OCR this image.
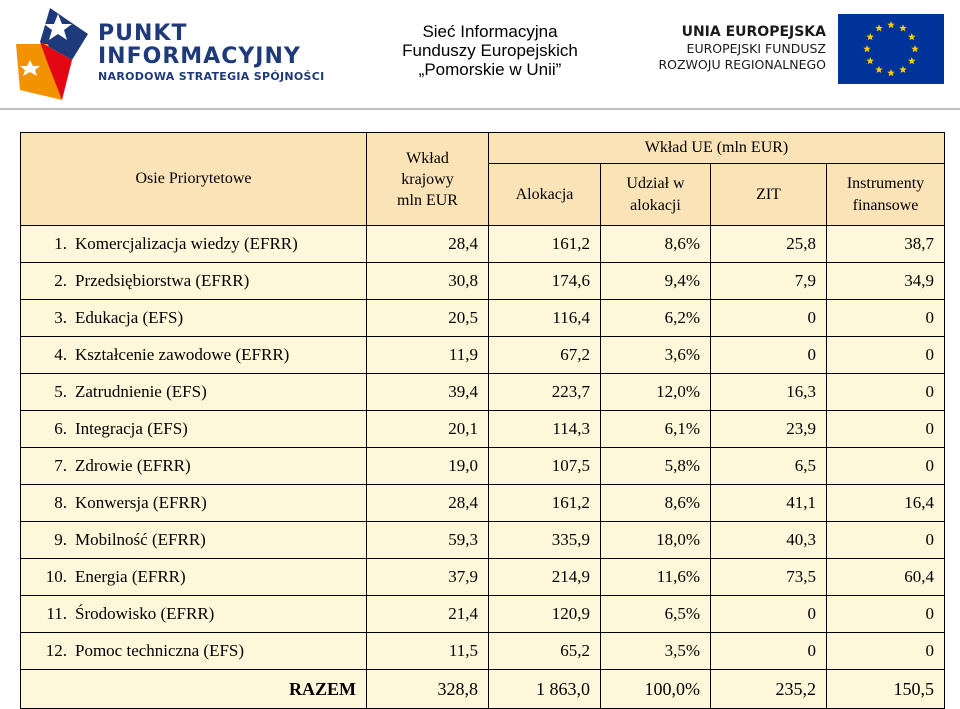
PUNKT
INFORMACYJNY
NARODOWA STRATEGIA SPÓJNOŚCI
Sieć Informacyjna
Funduszy Europejskich
„Pomorskie w Unii”
UNIA EUROPEJSKA
EUROPEJSKI FUNDUSZ
ROZWOJU REGIONALNEGO
Osie Priorytetowe	Wkład krajowy mln EUR	Wkład UE (mln EUR)			
		Alokacja	Udział w alokacji	ZIT	Instrumenty finansowe

1. Komercjalizacja wiedzy (EFRR)	28,4	161,2	8,6%	25,8	38,7
2. Przedsiębiorstwa (EFRR)	30,8	174,6	9,4%	7,9	34,9
3. Edukacja (EFS)	20,5	116,4	6,2%	0	0
4. Kształcenie zawodowe (EFRR)	11,9	67,2	3,6%	0	0
5. Zatrudnienie (EFS)	39,4	223,7	12,0%	16,3	0
6. Integracja (EFS)	20,1	114,3	6,1%	23,9	0
7. Zdrowie (EFRR)	19,0	107,5	5,8%	6,5	0
8. Konwersja (EFRR)	28,4	161,2	8,6%	41,1	16,4
9. Mobilność (EFRR)	59,3	335,9	18,0%	40,3	0
10. Energia (EFRR)	37,9	214,9	11,6%	73,5	60,4
11. Środowisko (EFRR)	21,4	120,9	6,5%	0	0
12. Pomoc techniczna (EFS)	11,5	65,2	3,5%	0	0
RAZEM	328,8	1 863,0	100,0%	235,2	150,5
